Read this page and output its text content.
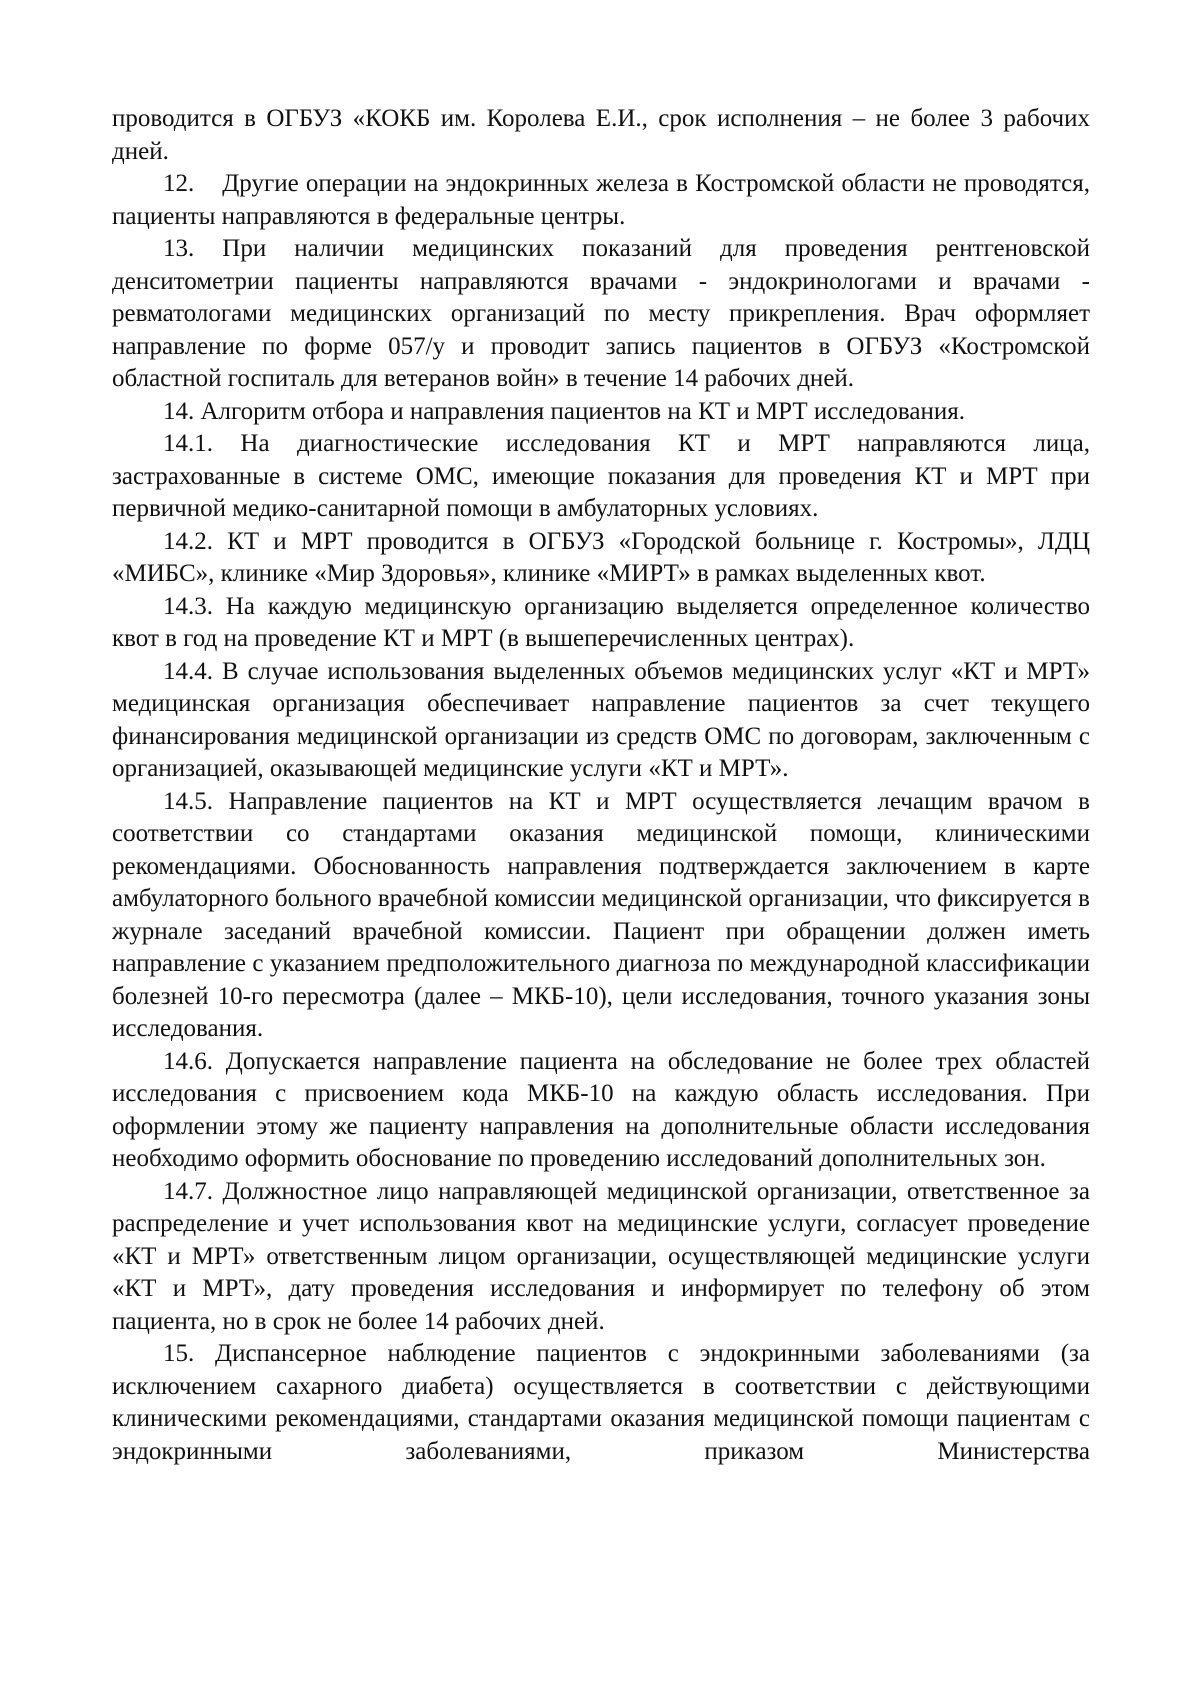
проводится в ОГБУЗ «КОКБ им. Королева Е.И., срок исполнения – не более 3 рабочих дней.

12. Другие операции на эндокринных железа в Костромской области не проводятся, пациенты направляются в федеральные центры.

13. При наличии медицинских показаний для проведения рентгеновской денситометрии пациенты направляются врачами - эндокринологами и врачами - ревматологами медицинских организаций по месту прикрепления. Врач оформляет направление по форме 057/у и проводит запись пациентов в ОГБУЗ «Костромской областной госпиталь для ветеранов войн» в течение 14 рабочих дней.

14. Алгоритм отбора и направления пациентов на КТ и МРТ исследования.

14.1. На диагностические исследования КТ и МРТ направляются лица, застрахованные в системе ОМС, имеющие показания для проведения КТ и МРТ при первичной медико-санитарной помощи в амбулаторных условиях.

14.2. КТ и МРТ проводится в ОГБУЗ «Городской больнице г. Костромы», ЛДЦ «МИБС», клинике «Мир Здоровья», клинике «МИРТ» в рамках выделенных квот.

14.3. На каждую медицинскую организацию выделяется определенное количество квот в год на проведение КТ и МРТ (в вышеперечисленных центрах).

14.4. В случае использования выделенных объемов медицинских услуг «КТ и МРТ» медицинская организация обеспечивает направление пациентов за счет текущего финансирования медицинской организации из средств ОМС по договорам, заключенным с организацией, оказывающей медицинские услуги «КТ и МРТ».

14.5. Направление пациентов на КТ и МРТ осуществляется лечащим врачом в соответствии со стандартами оказания медицинской помощи, клиническими рекомендациями. Обоснованность направления подтверждается заключением в карте амбулаторного больного врачебной комиссии медицинской организации, что фиксируется в журнале заседаний врачебной комиссии. Пациент при обращении должен иметь направление с указанием предположительного диагноза по международной классификации болезней 10-го пересмотра (далее – МКБ-10), цели исследования, точного указания зоны исследования.

14.6. Допускается направление пациента на обследование не более трех областей исследования с присвоением кода МКБ-10 на каждую область исследования. При оформлении этому же пациенту направления на дополнительные области исследования необходимо оформить обоснование по проведению исследований дополнительных зон.

14.7. Должностное лицо направляющей медицинской организации, ответственное за распределение и учет использования квот на медицинские услуги, согласует проведение «КТ и МРТ» ответственным лицом организации, осуществляющей медицинские услуги «КТ и МРТ», дату проведения исследования и информирует по телефону об этом пациента, но в срок не более 14 рабочих дней.

15. Диспансерное наблюдение пациентов с эндокринными заболеваниями (за исключением сахарного диабета) осуществляется в соответствии с действующими клиническими рекомендациями, стандартами оказания медицинской помощи пациентам с эндокринными заболеваниями, приказом Министерства
